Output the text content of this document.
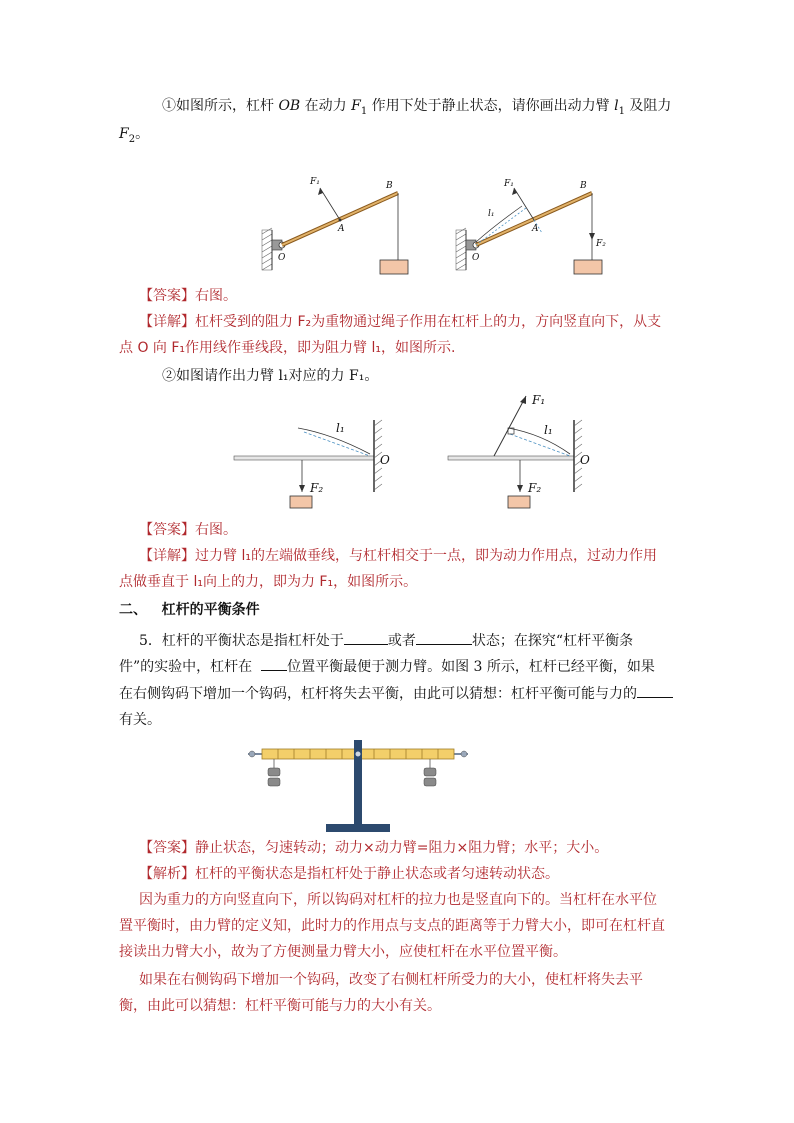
①如图所示，杠杆 OB 在动力 $F_1$ 作用下处于静止状态，请你画出动力臂 $l_1$ 及阻力
$F_2$。
F₁	B
A
O
F₁	B
A
O
l₁
F₂
【答案】右图。
【详解】杠杆受到的阻力 F₂为重物通过绳子作用在杠杆上的力，方向竖直向下，从支
点 O 向 F₁作用线作垂线段，即为阻力臂 l₁，如图所示.
②如图请作出力臂 l₁对应的力 F₁。
l₁
O
F₂
l₁
O
F₁
F₂
【答案】右图。
【详解】过力臂 l₁的左端做垂线，与杠杆相交于一点，即为动力作用点，过动力作用
点做垂直于 l₁向上的力，即为力 F₁，如图所示。
二、 杠杆的平衡条件
5．杠杆的平衡状态是指杠杆处于	或者	状态；在探究“杠杆平衡条
件”的实验中，杠杆在 位置平衡最便于测力臂。如图 3 所示，杠杆已经平衡，如果
在右侧钩码下增加一个钩码，杠杆将失去平衡，由此可以猜想：杠杆平衡可能与力的
有关。
【答案】静止状态，匀速转动；动力×动力臂=阻力×阻力臂；水平；大小。
【解析】杠杆的平衡状态是指杠杆处于静止状态或者匀速转动状态。
因为重力的方向竖直向下，所以钩码对杠杆的拉力也是竖直向下的。当杠杆在水平位
置平衡时，由力臂的定义知，此时力的作用点与支点的距离等于力臂大小，即可在杠杆直
接读出力臂大小，故为了方便测量力臂大小，应使杠杆在水平位置平衡。
如果在右侧钩码下增加一个钩码，改变了右侧杠杆所受力的大小，使杠杆将失去平
衡，由此可以猜想：杠杆平衡可能与力的大小有关。
